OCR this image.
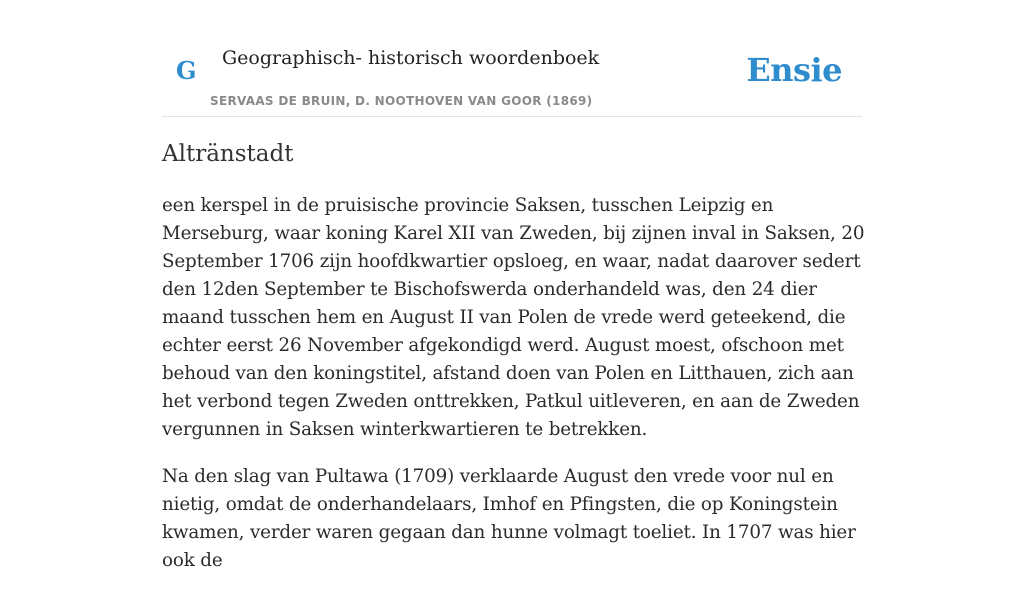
G Geographisch- historisch woordenboek
SERVAAS DE BRUIN, D. NOOTHOVEN VAN GOOR (1869)
Ensie
Altränstadt

een kerspel in de pruisische provincie Saksen, tusschen Leipzig en Merseburg, waar koning Karel XII van Zweden, bij zijnen inval in Saksen, 20 September 1706 zijn hoofdkwartier opsloeg, en waar, nadat daarover sedert den 12den September te Bischofswerda onderhandeld was, den 24 dier maand tusschen hem en August II van Polen de vrede werd geteekend, die echter eerst 26 November afgekondigd werd. August moest, ofschoon met behoud van den koningstitel, afstand doen van Polen en Litthauen, zich aan het verbond tegen Zweden onttrekken, Patkul uitleveren, en aan de Zweden vergunnen in Saksen winterkwartieren te betrekken.

Na den slag van Pultawa (1709) verklaarde August den vrede voor nul en nietig, omdat de onderhandelaars, Imhof en Pfingsten, die op Koningstein kwamen, verder waren gegaan dan hunne volmagt toeliet. In 1707 was hier ook de
